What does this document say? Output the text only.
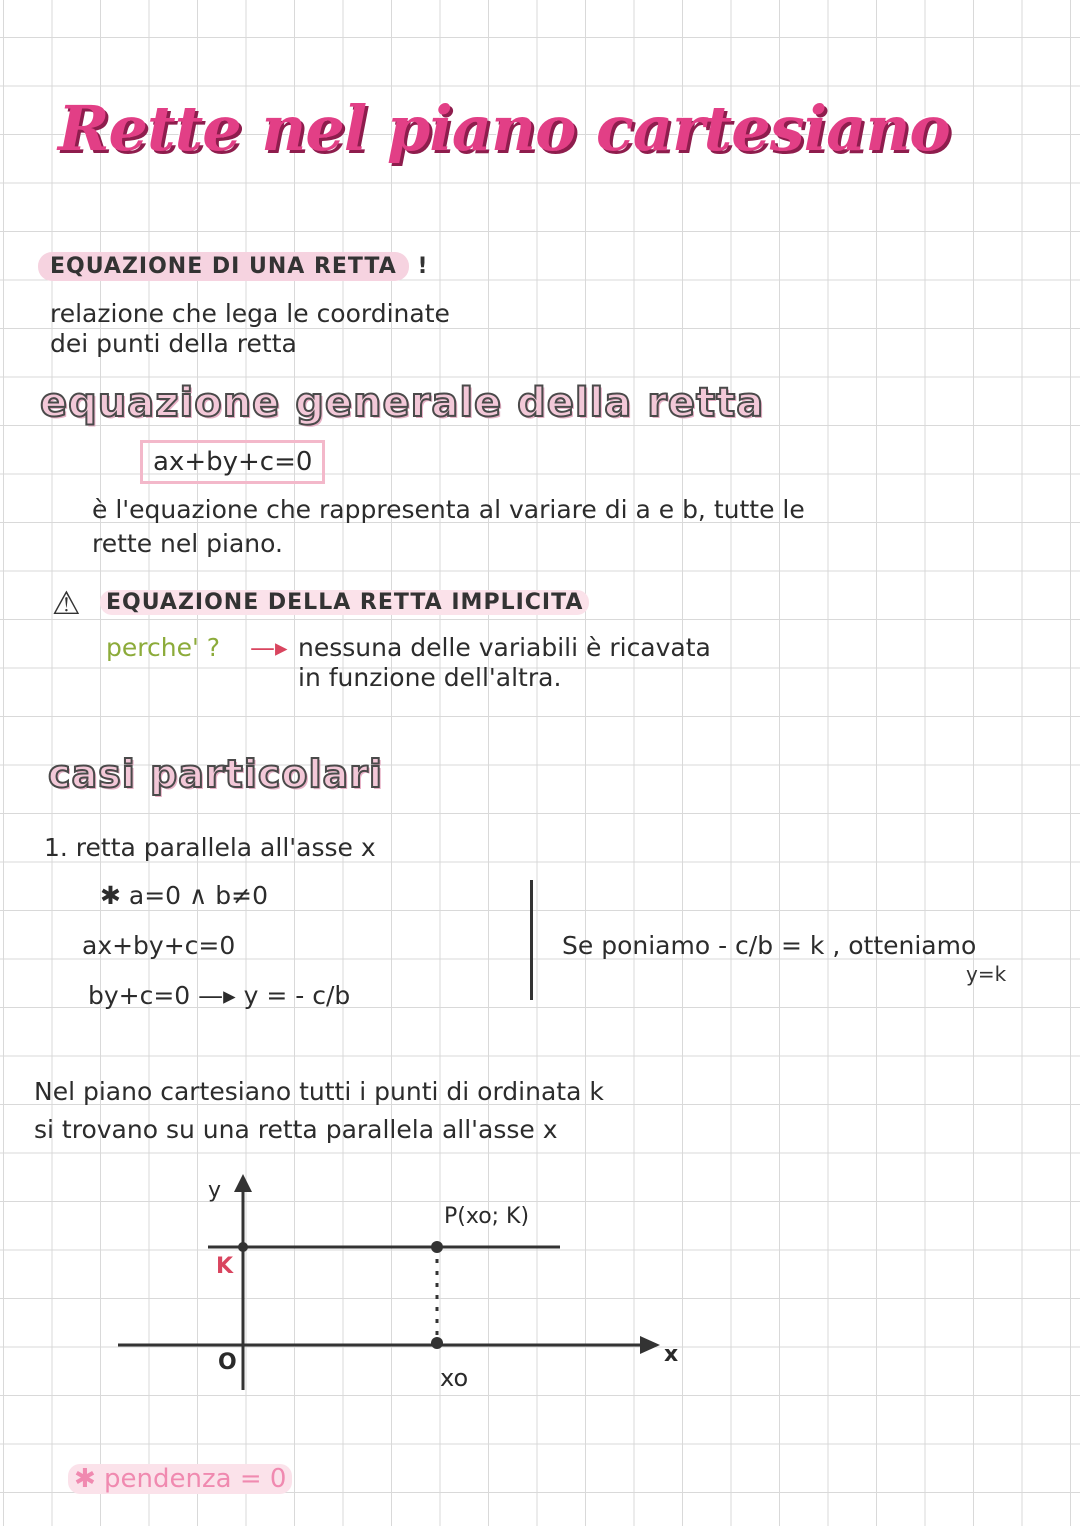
Rette nel piano cartesiano
EQUAZIONE DI UNA RETTA !
relazione che lega le coordinate
dei punti della retta
equazione generale della retta
ax+by+c=0
è l'equazione che rappresenta al variare di a e b, tutte le
rette nel piano.
⚠ EQUAZIONE DELLA RETTA IMPLICITA
perche' ? —▸ nessuna delle variabili è ricavata
in funzione dell'altra.
casi particolari
1. retta parallela all'asse x
✱ a=0 ∧ b≠0
ax+by+c=0
by+c=0 —▸ y = - c/b
Se poniamo - c/b = k , otteniamo
y=k
Nel piano cartesiano tutti i punti di ordinata k
si trovano su una retta parallela all'asse x
y
x
K
O
P(xo; K)
xo
✱ pendenza = 0
